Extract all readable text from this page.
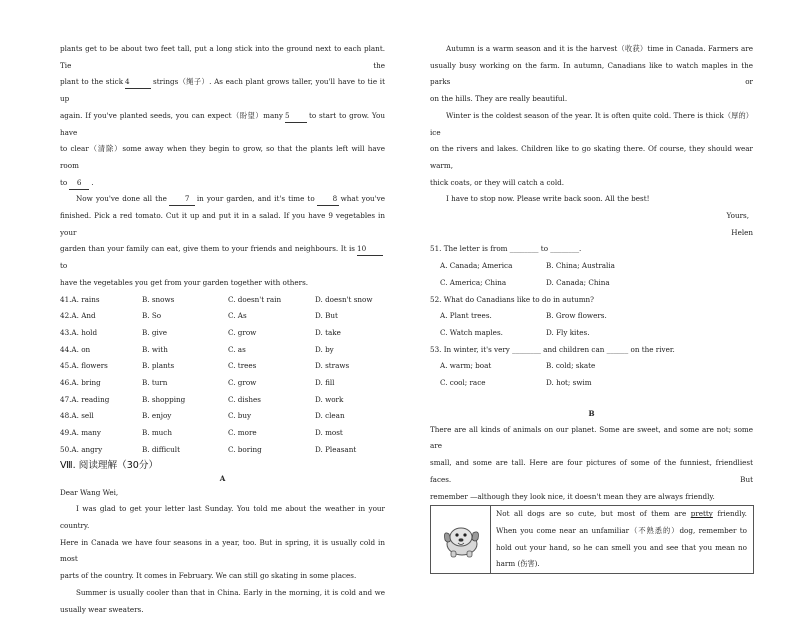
plants get to be about two feet tall, put a long stick into the ground next to each plant. Tie the

plant to the stick 4	strings（绳子）. As each plant grows taller, you'll have to tie it up

again. If you've planted seeds, you can expect（盼望）many 5	to start to grow. You have

to clear（清除）some away when they begin to grow, so that the plants left will have room

to 6 .

Now you've done all the	7 in your garden, and it's time to	8 what you've

finished. Pick a red tomato. Cut it up and put it in a salad. If you have 9 vegetables in your

garden than your family can eat, give them to your friends and neighbours. It is 10to

have the vegetables you get from your garden together with others.

41.A. rains	B. snows	C. doesn't rain	D. doesn't snow
42.A. And	B. So	C. As	D. But
43.A. hold	B. give	C. grow	D. take
44.A. on	B. with	C. as	D. by
45.A. flowers	B. plants	C. trees	D. straws
46.A. bring	B. turn	C. grow	D. fill
47.A. reading	B. shopping	C. dishes	D. work
48.A. sell	B. enjoy	C. buy	D. clean
49.A. many	B. much	C. more	D. most
50.A. angry	B. difficult	C. boring	D. Pleasant
Ⅷ. 阅读理解（30分）
A

Dear Wang Wei,

I was glad to get your letter last Sunday. You told me about the weather in your country.

Here in Canada we have four seasons in a year, too. But in spring, it is usually cold in most

parts of the country. It comes in February. We can still go skating in some places.

Summer is usually cooler than that in China. Early in the morning, it is cold and we

usually wear sweaters.

Autumn is a warm season and it is the harvest（收获）time in Canada. Farmers are

usually busy working on the farm. In autumn, Canadians like to watch maples in the parks or

on the hills. They are really beautiful.

Winter is the coldest season of the year. It is often quite cold. There is thick（厚的）ice

on the rivers and lakes. Children like to go skating there. Of course, they should wear warm,

thick coats, or they will catch a cold.

I have to stop now. Please write back soon. All the best!

Yours,

Helen

51. The letter is from ________ to ________.

A. Canada; America	B. China; Australia
C. America; China	D. Canada; China

52. What do Canadians like to do in autumn?

A. Plant trees.	B. Grow flowers.
C. Watch maples.	D. Fly kites.

53. In winter, it's very ________ and children can ______ on the river.

A. warm; boat	B. cold; skate
C. cool; race	D. hot; swim
B

There are all kinds of animals on our planet. Some are sweet, and some are not; some are

small, and some are tall. Here are four pictures of some of the funniest, friendliest faces. But

remember —although they look nice, it doesn't mean they are always friendly.

Not all dogs are so cute, but most of them are pretty friendly.

When you come near an unfamiliar（不熟悉的）dog, remember to

hold out your hand, so he can smell you and see that you mean no

harm (伤害).
